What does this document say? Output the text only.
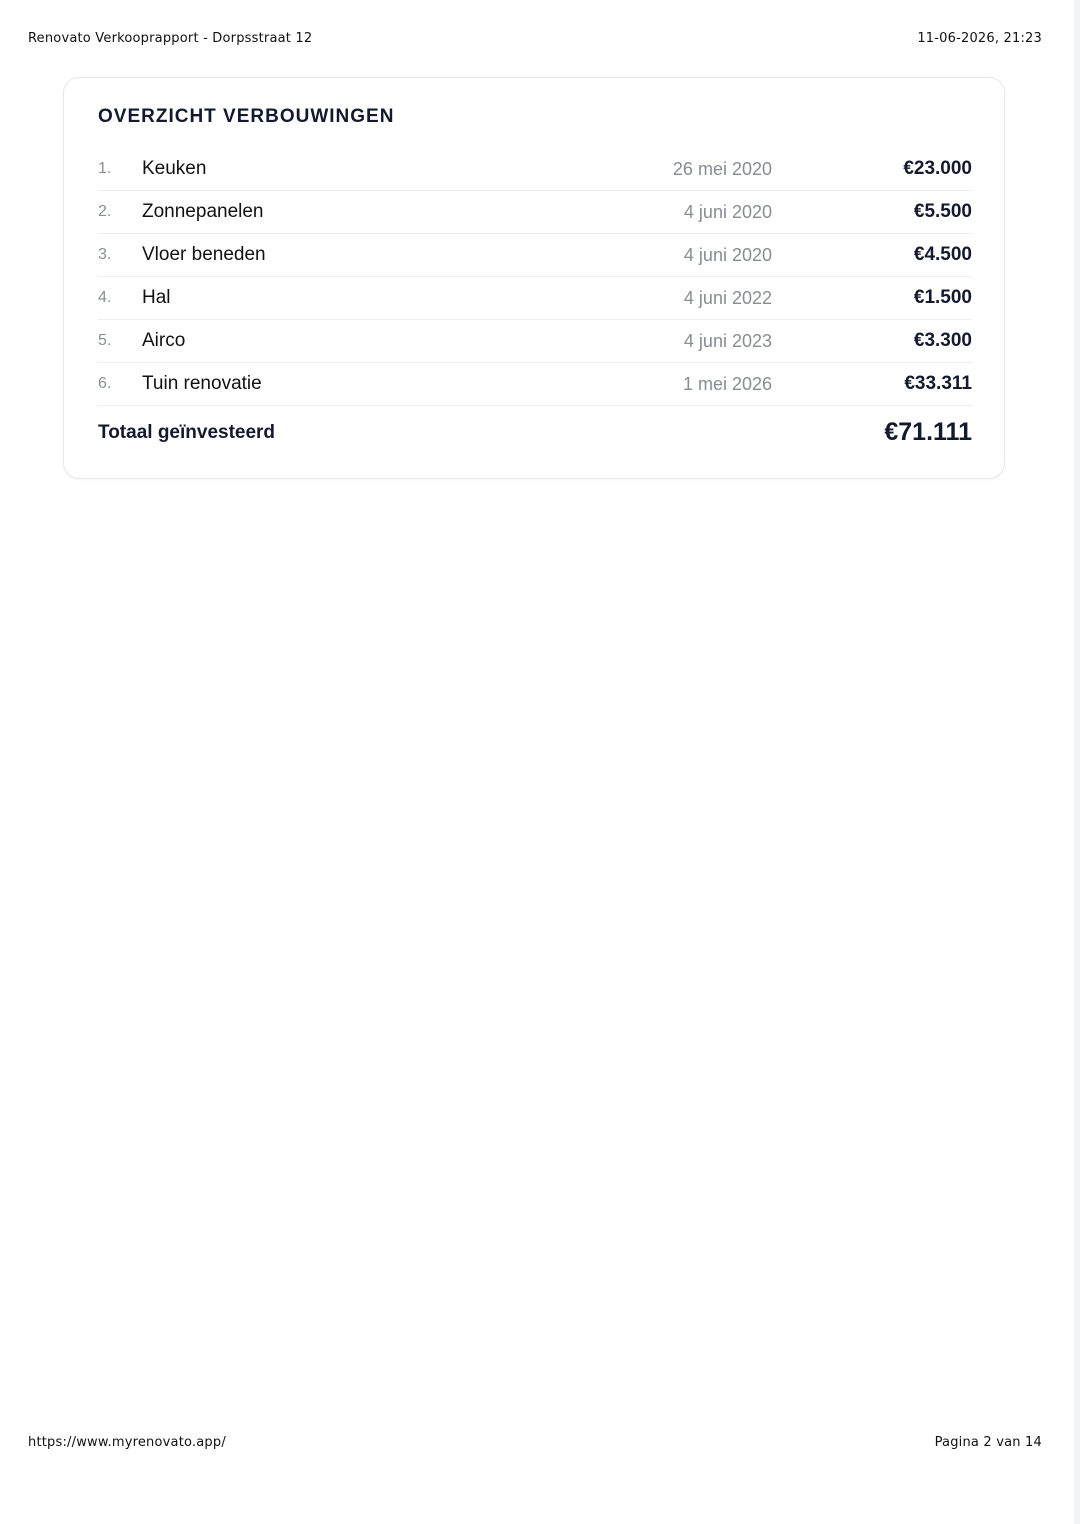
Renovato Verkooprapport - Dorpsstraat 12	11-06-2026, 21:23
OVERZICHT VERBOUWINGEN
1.	Keuken	26 mei 2020	€23.000
2.	Zonnepanelen	4 juni 2020	€5.500
3.	Vloer beneden	4 juni 2020	€4.500
4.	Hal	4 juni 2022	€1.500
5.	Airco	4 juni 2023	€3.300
6.	Tuin renovatie	1 mei 2026	€33.311
Totaal geïnvesteerd	€71.111
https://www.myrenovato.app/	Pagina 2 van 14
